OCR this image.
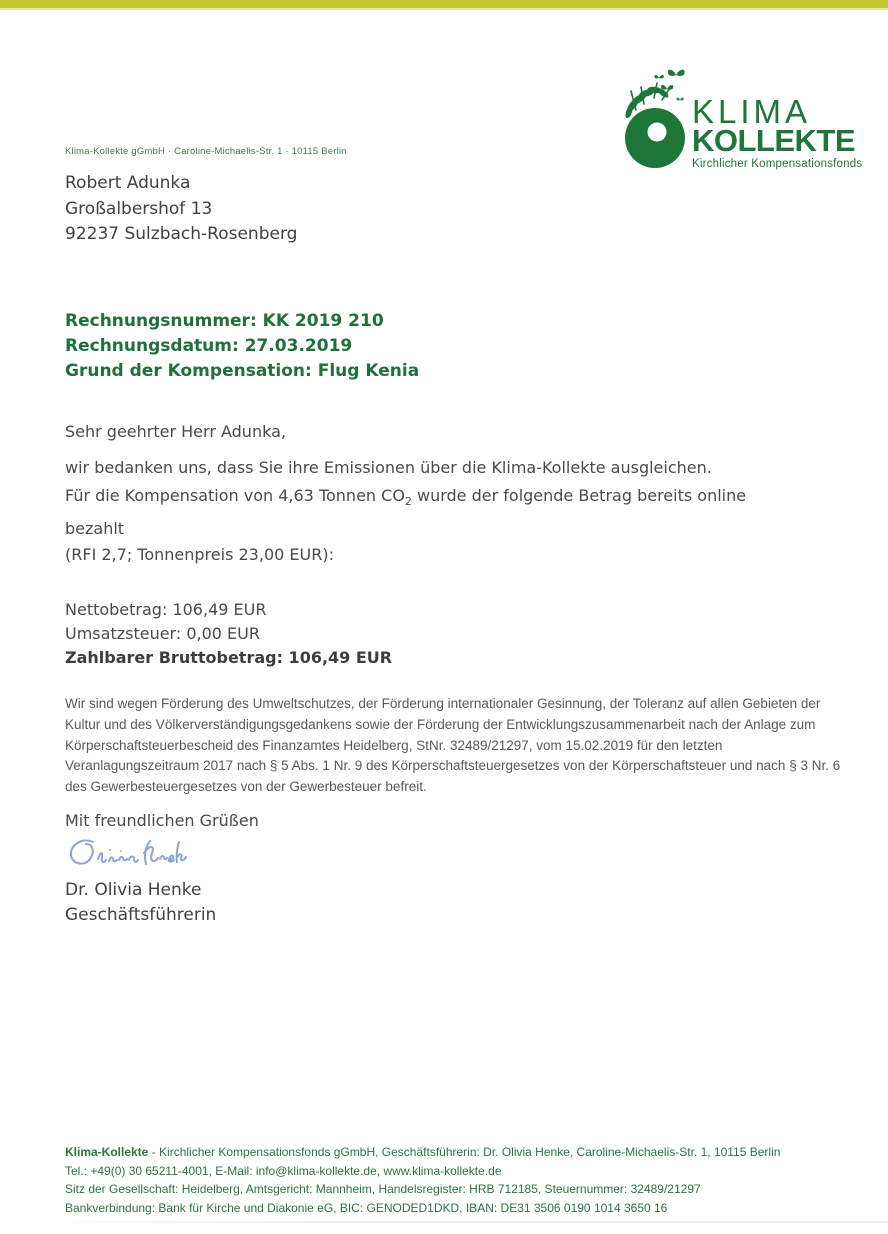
KLIMA
KOLLEKTE
Kirchlicher Kompensationsfonds
Klima-Kollekte gGmbH · Caroline-Michaelis-Str. 1 · 10115 Berlin
Robert Adunka
Großalbershof 13
92237 Sulzbach-Rosenberg
Rechnungsnummer: KK 2019 210
Rechnungsdatum: 27.03.2019
Grund der Kompensation: Flug Kenia
Sehr geehrter Herr Adunka,
wir bedanken uns, dass Sie ihre Emissionen über die Klima-Kollekte ausgleichen.
Für die Kompensation von 4,63 Tonnen $CO_2$ wurde der folgende Betrag bereits online
bezahlt
(RFI 2,7; Tonnenpreis 23,00 EUR):
Nettobetrag: 106,49 EUR
Umsatzsteuer: 0,00 EUR
Zahlbarer Bruttobetrag: 106,49 EUR
Wir sind wegen Förderung des Umweltschutzes, der Förderung internationaler Gesinnung, der Toleranz auf allen Gebieten der Kultur und des Völkerverständigungsgedankens sowie der Förderung der Entwicklungszusammenarbeit nach der Anlage zum Körperschaftsteuerbescheid des Finanzamtes Heidelberg, StNr. 32489/21297, vom 15.02.2019 für den letzten Veranlagungszeitraum 2017 nach § 5 Abs. 1 Nr. 9 des Körperschaftsteuergesetzes von der Körperschaftsteuer und nach § 3 Nr. 6 des Gewerbesteuergesetzes von der Gewerbesteuer befreit.
Mit freundlichen Grüßen
Dr. Olivia Henke
Geschäftsführerin
Klima-Kollekte - Kirchlicher Kompensationsfonds gGmbH, Geschäftsführerin: Dr. Olivia Henke, Caroline-Michaelis-Str. 1, 10115 Berlin
Tel.: +49(0) 30 65211-4001, E-Mail: info@klima-kollekte.de, www.klima-kollekte.de
Sitz der Gesellschaft: Heidelberg, Amtsgericht: Mannheim, Handelsregister: HRB 712185, Steuernummer: 32489/21297
Bankverbindung: Bank für Kirche und Diakonie eG, BIC: GENODED1DKD, IBAN: DE31 3506 0190 1014 3650 16
